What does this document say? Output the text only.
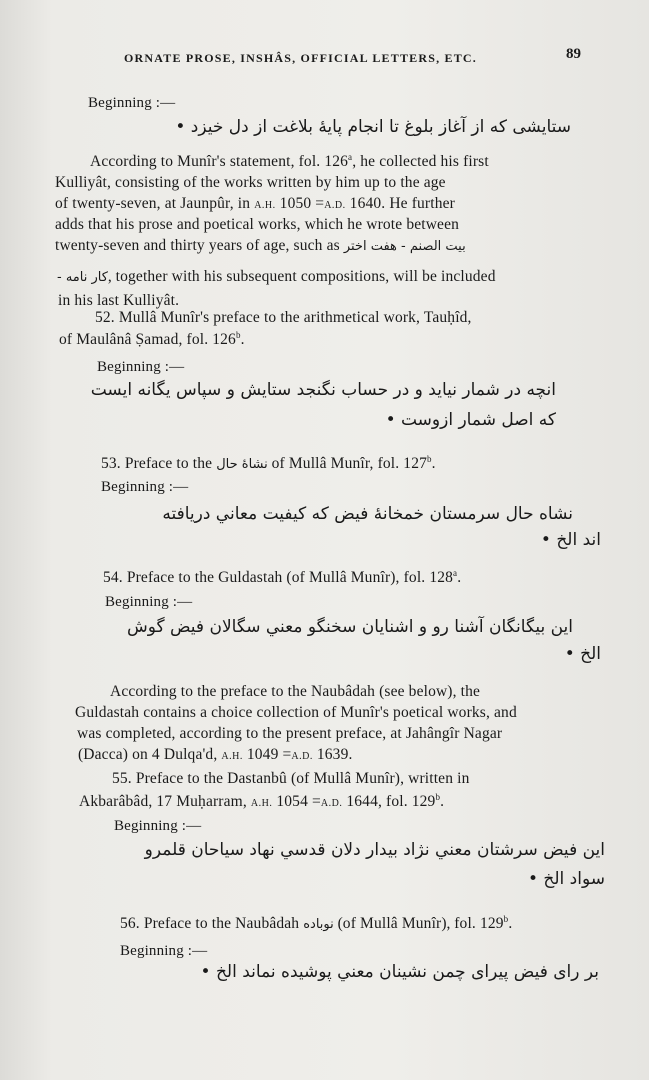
ORNATE PROSE, INSHÂS, OFFICIAL LETTERS, ETC.	89
Beginning :—
ستایشی که از آغاز بلوغ تا انجام پایهٔ بلاغت از دل خیزد •
According to Munîr's statement, fol. 126$^a$, he collected his first
Kulliyât, consisting of the works written by him up to the age
of twenty-seven, at Jaunpûr, in A.H. 1050 =A.D. 1640. He further
adds that his prose and poetical works, which he wrote between
twenty-seven and thirty years of age, such as بیت الصنم - هفت اختر
کار نامه -, together with his subsequent compositions, will be included
in his last Kulliyât.
52. Mullâ Munîr's preface to the arithmetical work, Tauḥîd,
of Maulânâ Ṣamad, fol. 126$^b$.
Beginning :—
انچه در شمار نیاید و در حساب نگنجد ستایش و سپاس یگانه ایست
که اصل شمار ازوست •
53. Preface to the نشاهٔ حال of Mullâ Munîr, fol. 127$^b$.
Beginning :—
نشاه حال سرمستان خمخانهٔ فیض که کیفیت معاني دریافته
اند الخ •
54. Preface to the Guldastah (of Mullâ Munîr), fol. 128$^a$.
Beginning :—
این بیگانگان آشنا رو و اشنایان سخنگو معني سگالان فیض گوش
الخ •
According to the preface to the Naubâdah (see below), the
Guldastah contains a choice collection of Munîr's poetical works, and
was completed, according to the present preface, at Jahângîr Nagar
(Dacca) on 4 Dulqa'd, A.H. 1049 =A.D. 1639.
55. Preface to the Dastanbû (of Mullâ Munîr), written in
Akbarâbâd, 17 Muḥarram, A.H. 1054 =A.D. 1644, fol. 129$^b$.
Beginning :—
این فیض سرشتان معني نژاد بیدار دلان قدسي نهاد سیاحان قلمرو
سواد الخ •
56. Preface to the Naubâdah نوباده (of Mullâ Munîr), fol. 129$^b$.
Beginning :—
بر رای فیض پیرای چمن نشینان معني پوشیده نماند الخ •
